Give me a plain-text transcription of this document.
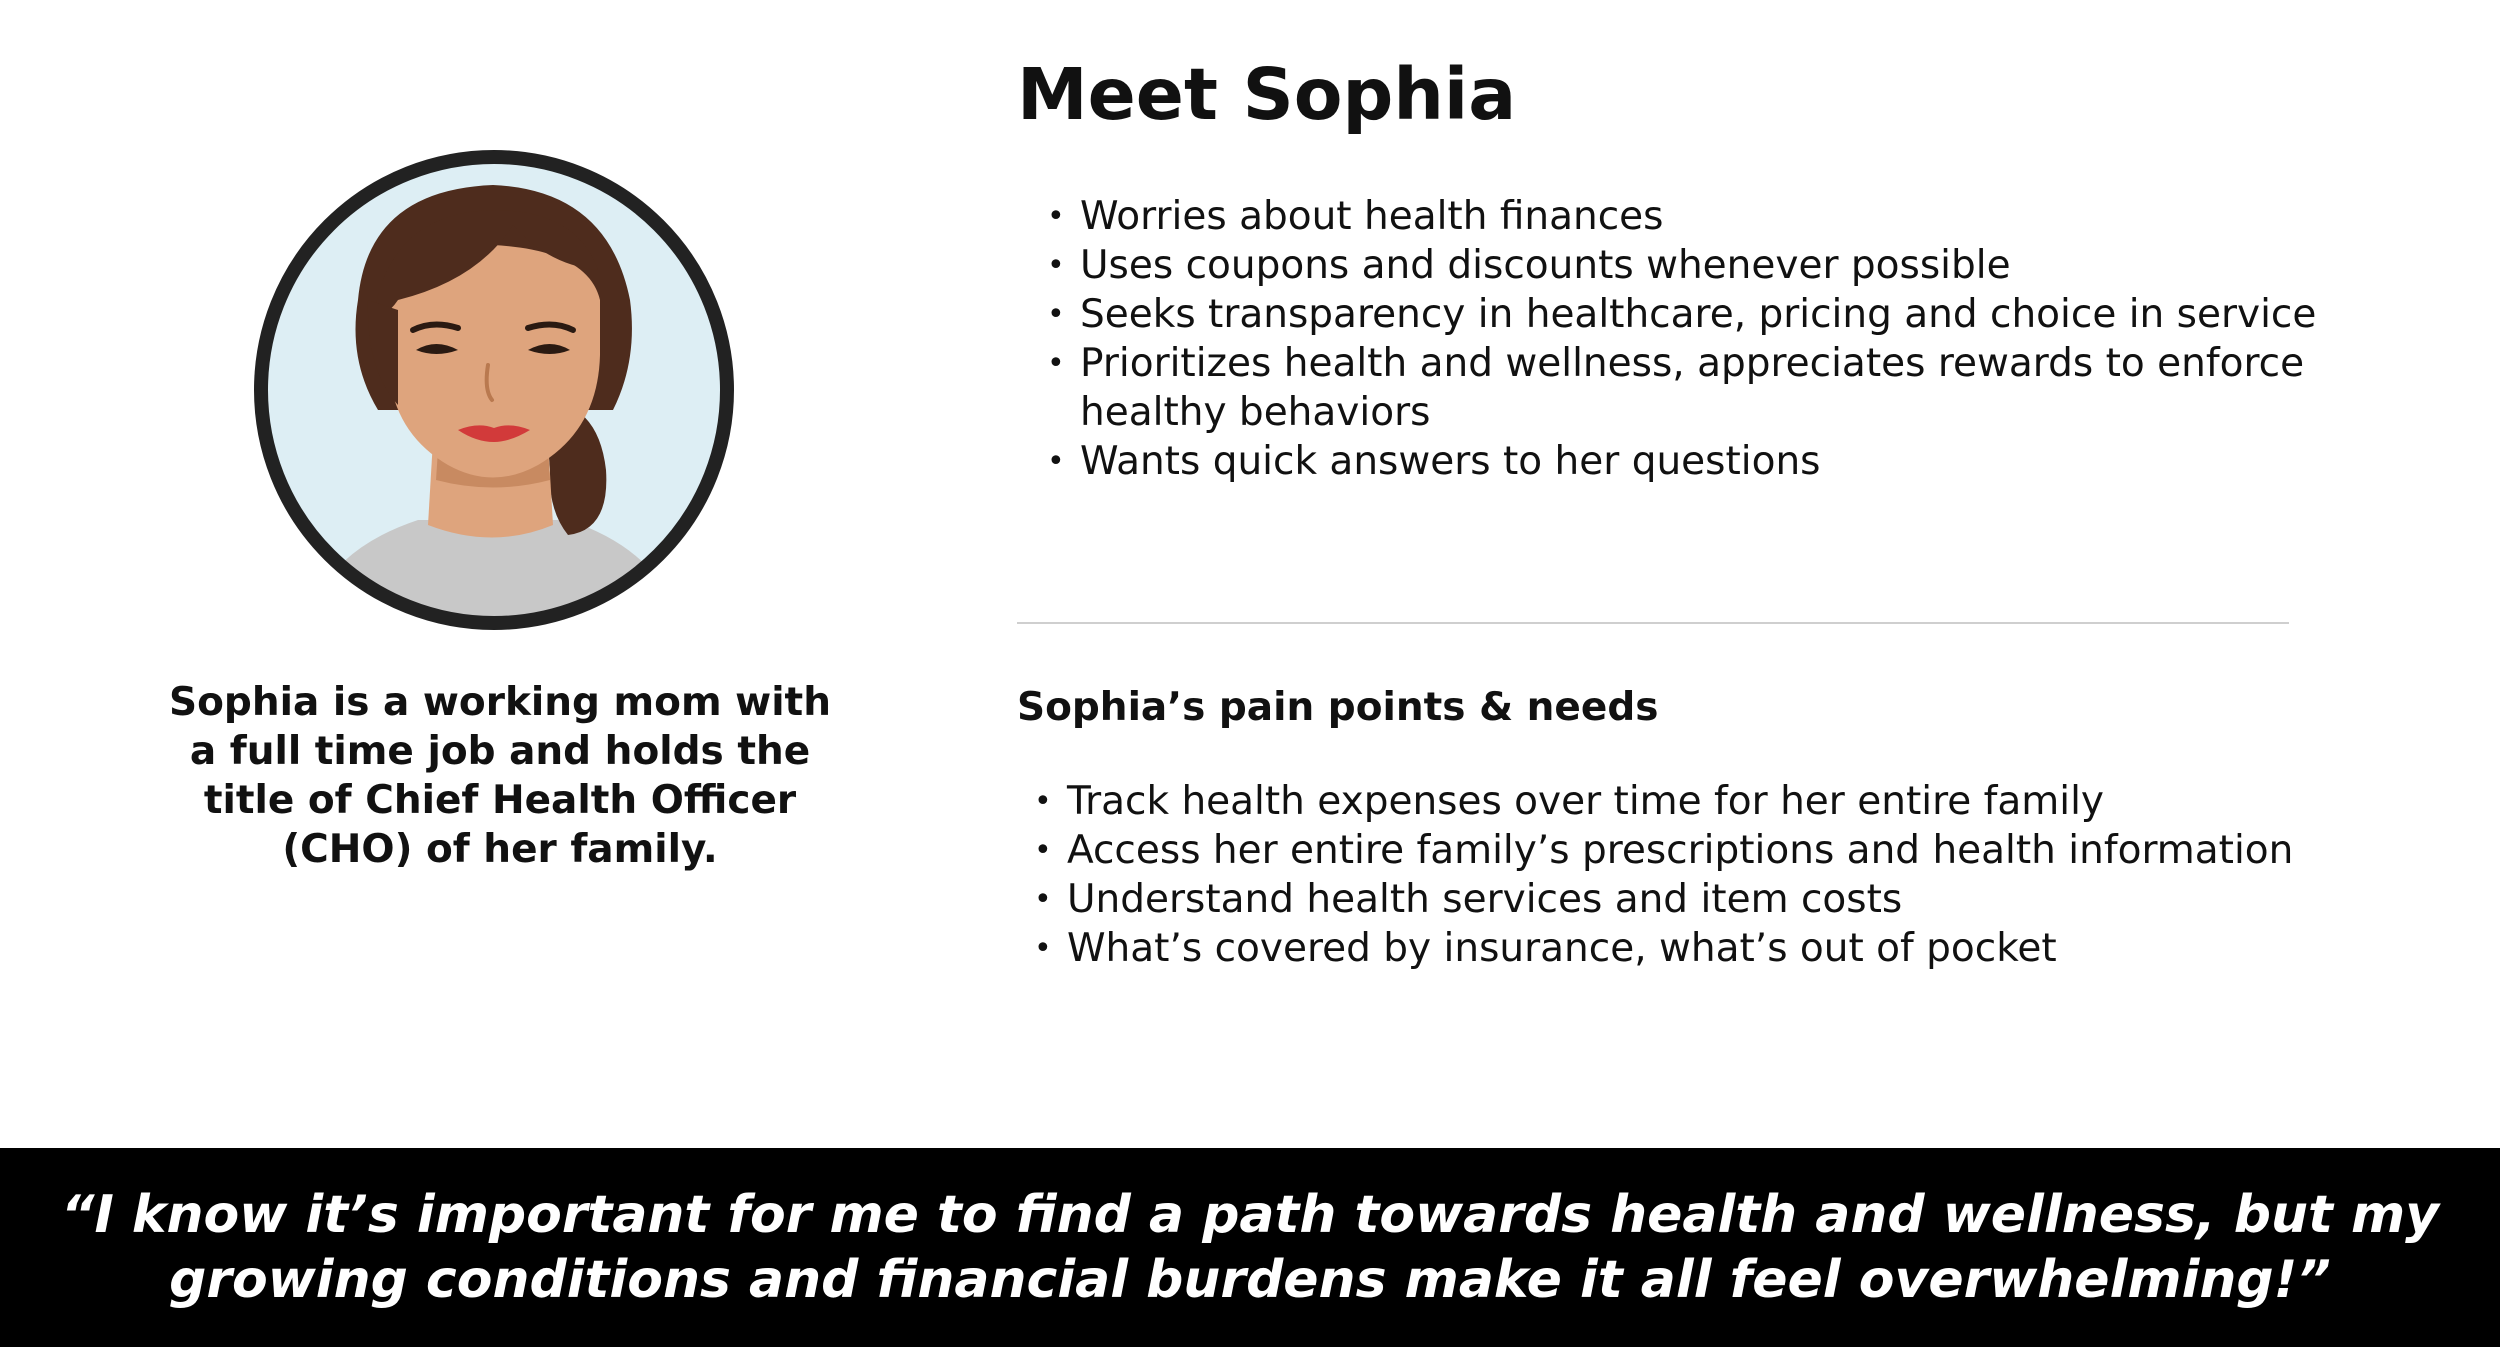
Sophia is a working mom with a full time job and holds the title of Chief Health Officer (CHO) of her family.

Meet Sophia
• Worries about health finances
• Uses coupons and discounts whenever possible
• Seeks transparency in healthcare, pricing and choice in service
• Prioritizes health and wellness, appreciates rewards to enforce healthy behaviors
• Wants quick answers to her questions
Sophia’s pain points & needs
• Track health expenses over time for her entire family
• Access her entire family’s prescriptions and health information
• Understand health services and item costs
• What’s covered by insurance, what’s out of pocket

“I know it’s important for me to find a path towards health and wellness, but my growing conditions and financial burdens make it all feel overwhelming!”
